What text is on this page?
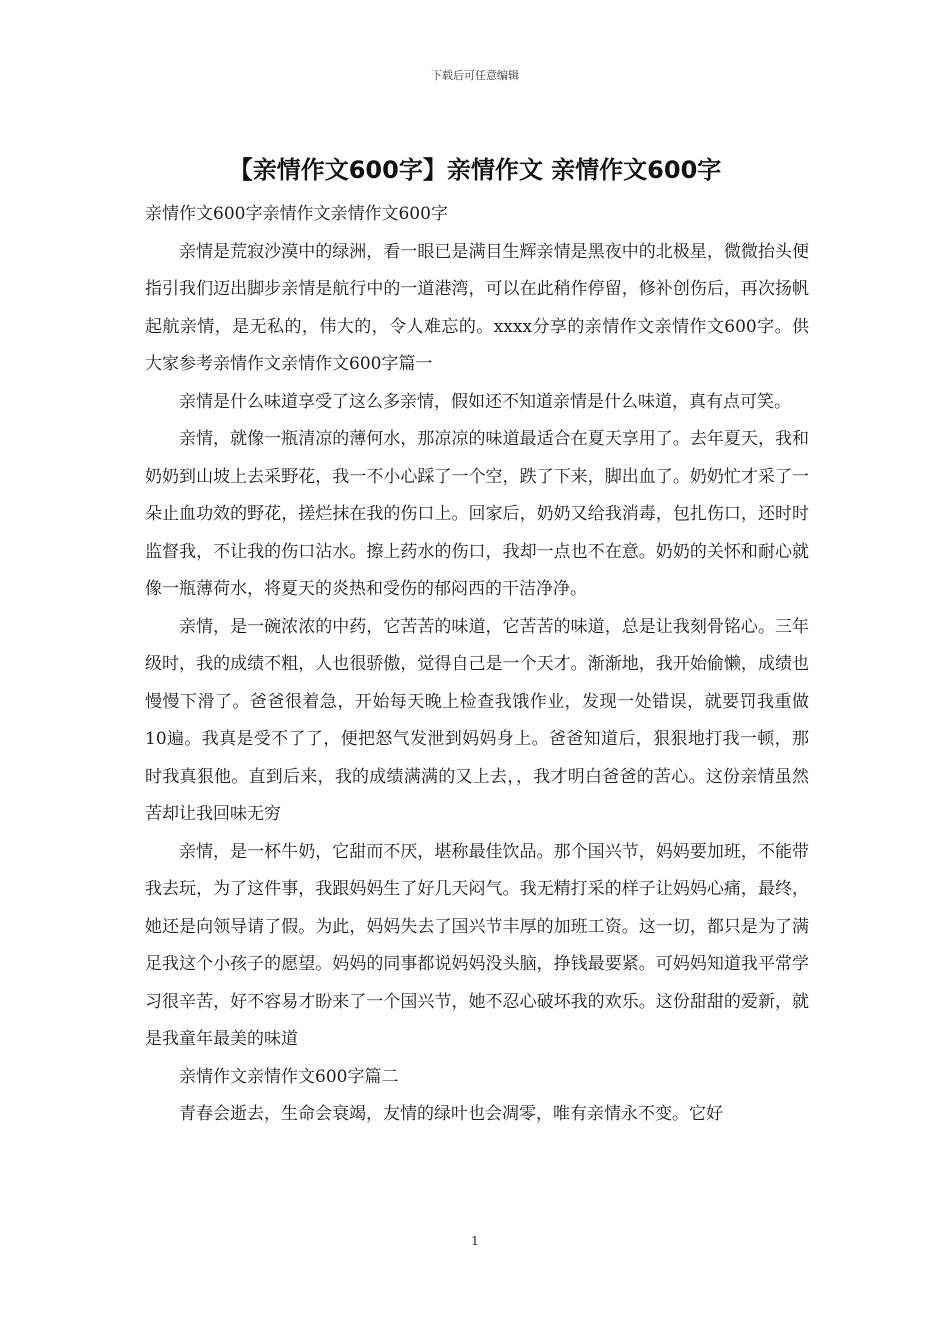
下载后可任意编辑
【亲情作文600字】亲情作文 亲情作文600字

亲情作文600字亲情作文亲情作文600字

亲情是荒寂沙漠中的绿洲，看一眼已是满目生辉亲情是黑夜中的北极星，微微抬头便指引我们迈出脚步亲情是航行中的一道港湾，可以在此稍作停留，修补创伤后，再次扬帆起航亲情，是无私的，伟大的，令人难忘的。xxxx分享的亲情作文亲情作文600字。供大家参考亲情作文亲情作文600字篇一

亲情是什么味道享受了这么多亲情，假如还不知道亲情是什么味道，真有点可笑。

亲情，就像一瓶清凉的薄何水，那凉凉的味道最适合在夏天享用了。去年夏天，我和奶奶到山坡上去采野花，我一不小心踩了一个空，跌了下来，脚出血了。奶奶忙才采了一朵止血功效的野花，搓烂抹在我的伤口上。回家后，奶奶又给我消毒，包扎伤口，还时时监督我，不让我的伤口沾水。擦上药水的伤口，我却一点也不在意。奶奶的关怀和耐心就像一瓶薄荷水，将夏天的炎热和受伤的郁闷西的干洁净净。

亲情，是一碗浓浓的中药，它苦苦的味道，它苦苦的味道，总是让我刻骨铭心。三年级时，我的成绩不粗，人也很骄傲，觉得自己是一个天才。渐渐地，我开始偷懒，成绩也慢慢下滑了。爸爸很着急，开始每天晚上检查我饿作业，发现一处错误，就要罚我重做10遍。我真是受不了了，便把怒气发泄到妈妈身上。爸爸知道后，狠狠地打我一顿，那时我真狠他。直到后来，我的成绩满满的又上去，，我才明白爸爸的苦心。这份亲情虽然苦却让我回味无穷

亲情，是一杯牛奶，它甜而不厌，堪称最佳饮品。那个国兴节，妈妈要加班，不能带我去玩，为了这件事，我跟妈妈生了好几天闷气。我无精打采的样子让妈妈心痛，最终，她还是向领导请了假。为此，妈妈失去了国兴节丰厚的加班工资。这一切，都只是为了满足我这个小孩子的愿望。妈妈的同事都说妈妈没头脑，挣钱最要紧。可妈妈知道我平常学习很辛苦，好不容易才盼来了一个国兴节，她不忍心破坏我的欢乐。这份甜甜的爱新，就是我童年最美的味道

亲情作文亲情作文600字篇二

青春会逝去，生命会衰竭，友情的绿叶也会凋零，唯有亲情永不变。它好

1
